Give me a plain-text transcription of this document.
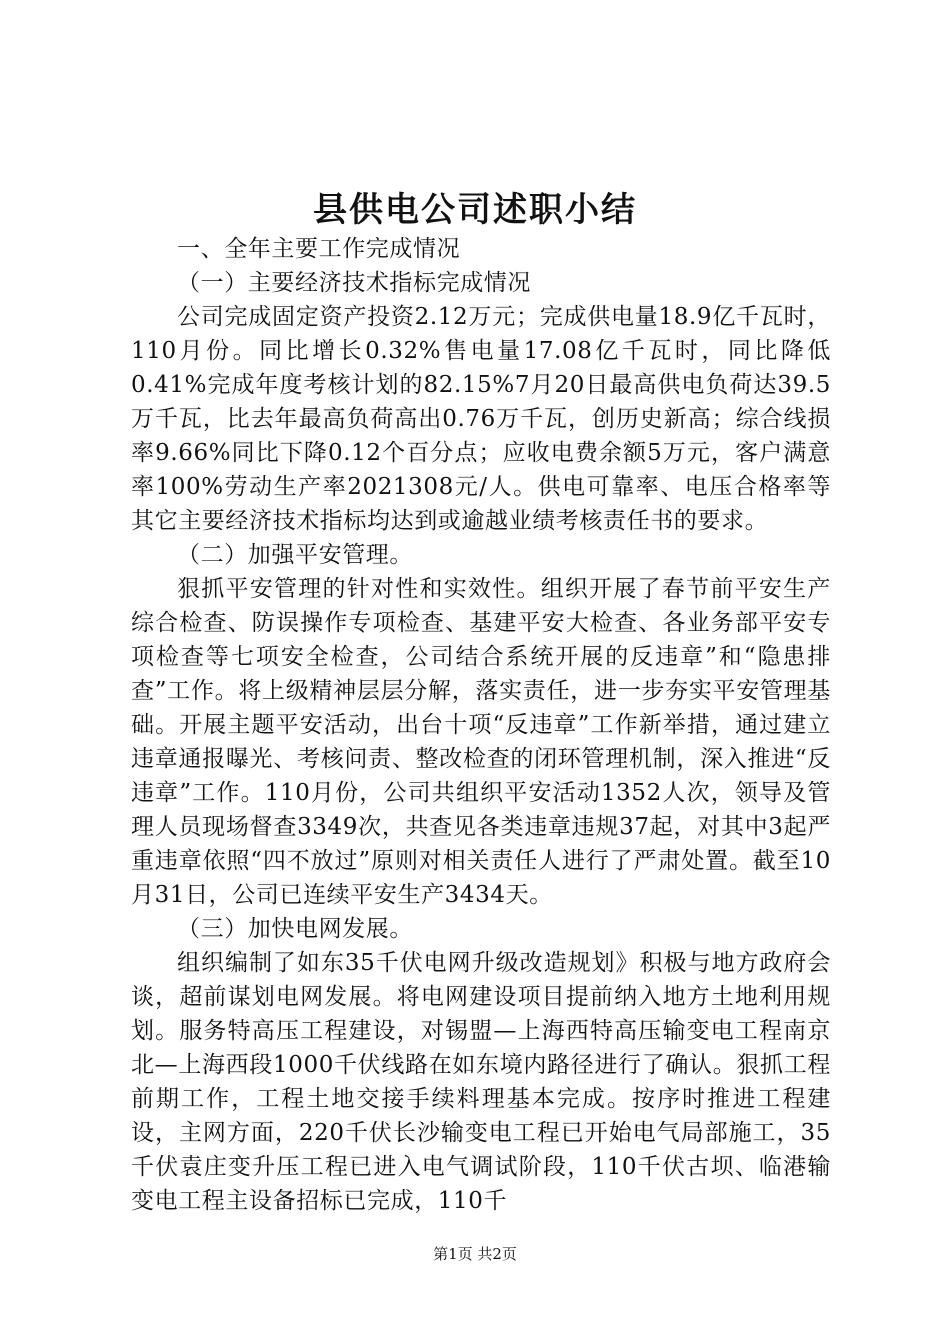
县供电公司述职小结

一、全年主要工作完成情况

（一）主要经济技术指标完成情况

公司完成固定资产投资2.12万元；完成供电量18.9亿千瓦时，110月份。同比增长0.32%售电量17.08亿千瓦时，同比降低0.41%完成年度考核计划的82.15%7月20日最高供电负荷达39.5万千瓦，比去年最高负荷高出0.76万千瓦，创历史新高；综合线损率9.66%同比下降0.12个百分点；应收电费余额5万元，客户满意率100%劳动生产率2021308元/人。供电可靠率、电压合格率等其它主要经济技术指标均达到或逾越业绩考核责任书的要求。

（二）加强平安管理。

狠抓平安管理的针对性和实效性。组织开展了春节前平安生产综合检查、防误操作专项检查、基建平安大检查、各业务部平安专项检查等七项安全检查，公司结合系统开展的反违章”和“隐患排查”工作。将上级精神层层分解，落实责任，进一步夯实平安管理基础。开展主题平安活动，出台十项“反违章”工作新举措，通过建立违章通报曝光、考核问责、整改检查的闭环管理机制，深入推进“反违章”工作。110月份，公司共组织平安活动1352人次，领导及管理人员现场督查3349次，共查见各类违章违规37起，对其中3起严重违章依照“四不放过”原则对相关责任人进行了严肃处置。截至10月31日，公司已连续平安生产3434天。

（三）加快电网发展。

组织编制了如东35千伏电网升级改造规划》积极与地方政府会谈，超前谋划电网发展。将电网建设项目提前纳入地方土地利用规划。服务特高压工程建设，对锡盟—上海西特高压输变电工程南京北—上海西段1000千伏线路在如东境内路径进行了确认。狠抓工程前期工作，工程土地交接手续料理基本完成。按序时推进工程建设，主网方面，220千伏长沙输变电工程已开始电气局部施工，35千伏袁庄变升压工程已进入电气调试阶段，110千伏古坝、临港输变电工程主设备招标已完成，110千

第1页 共2页
